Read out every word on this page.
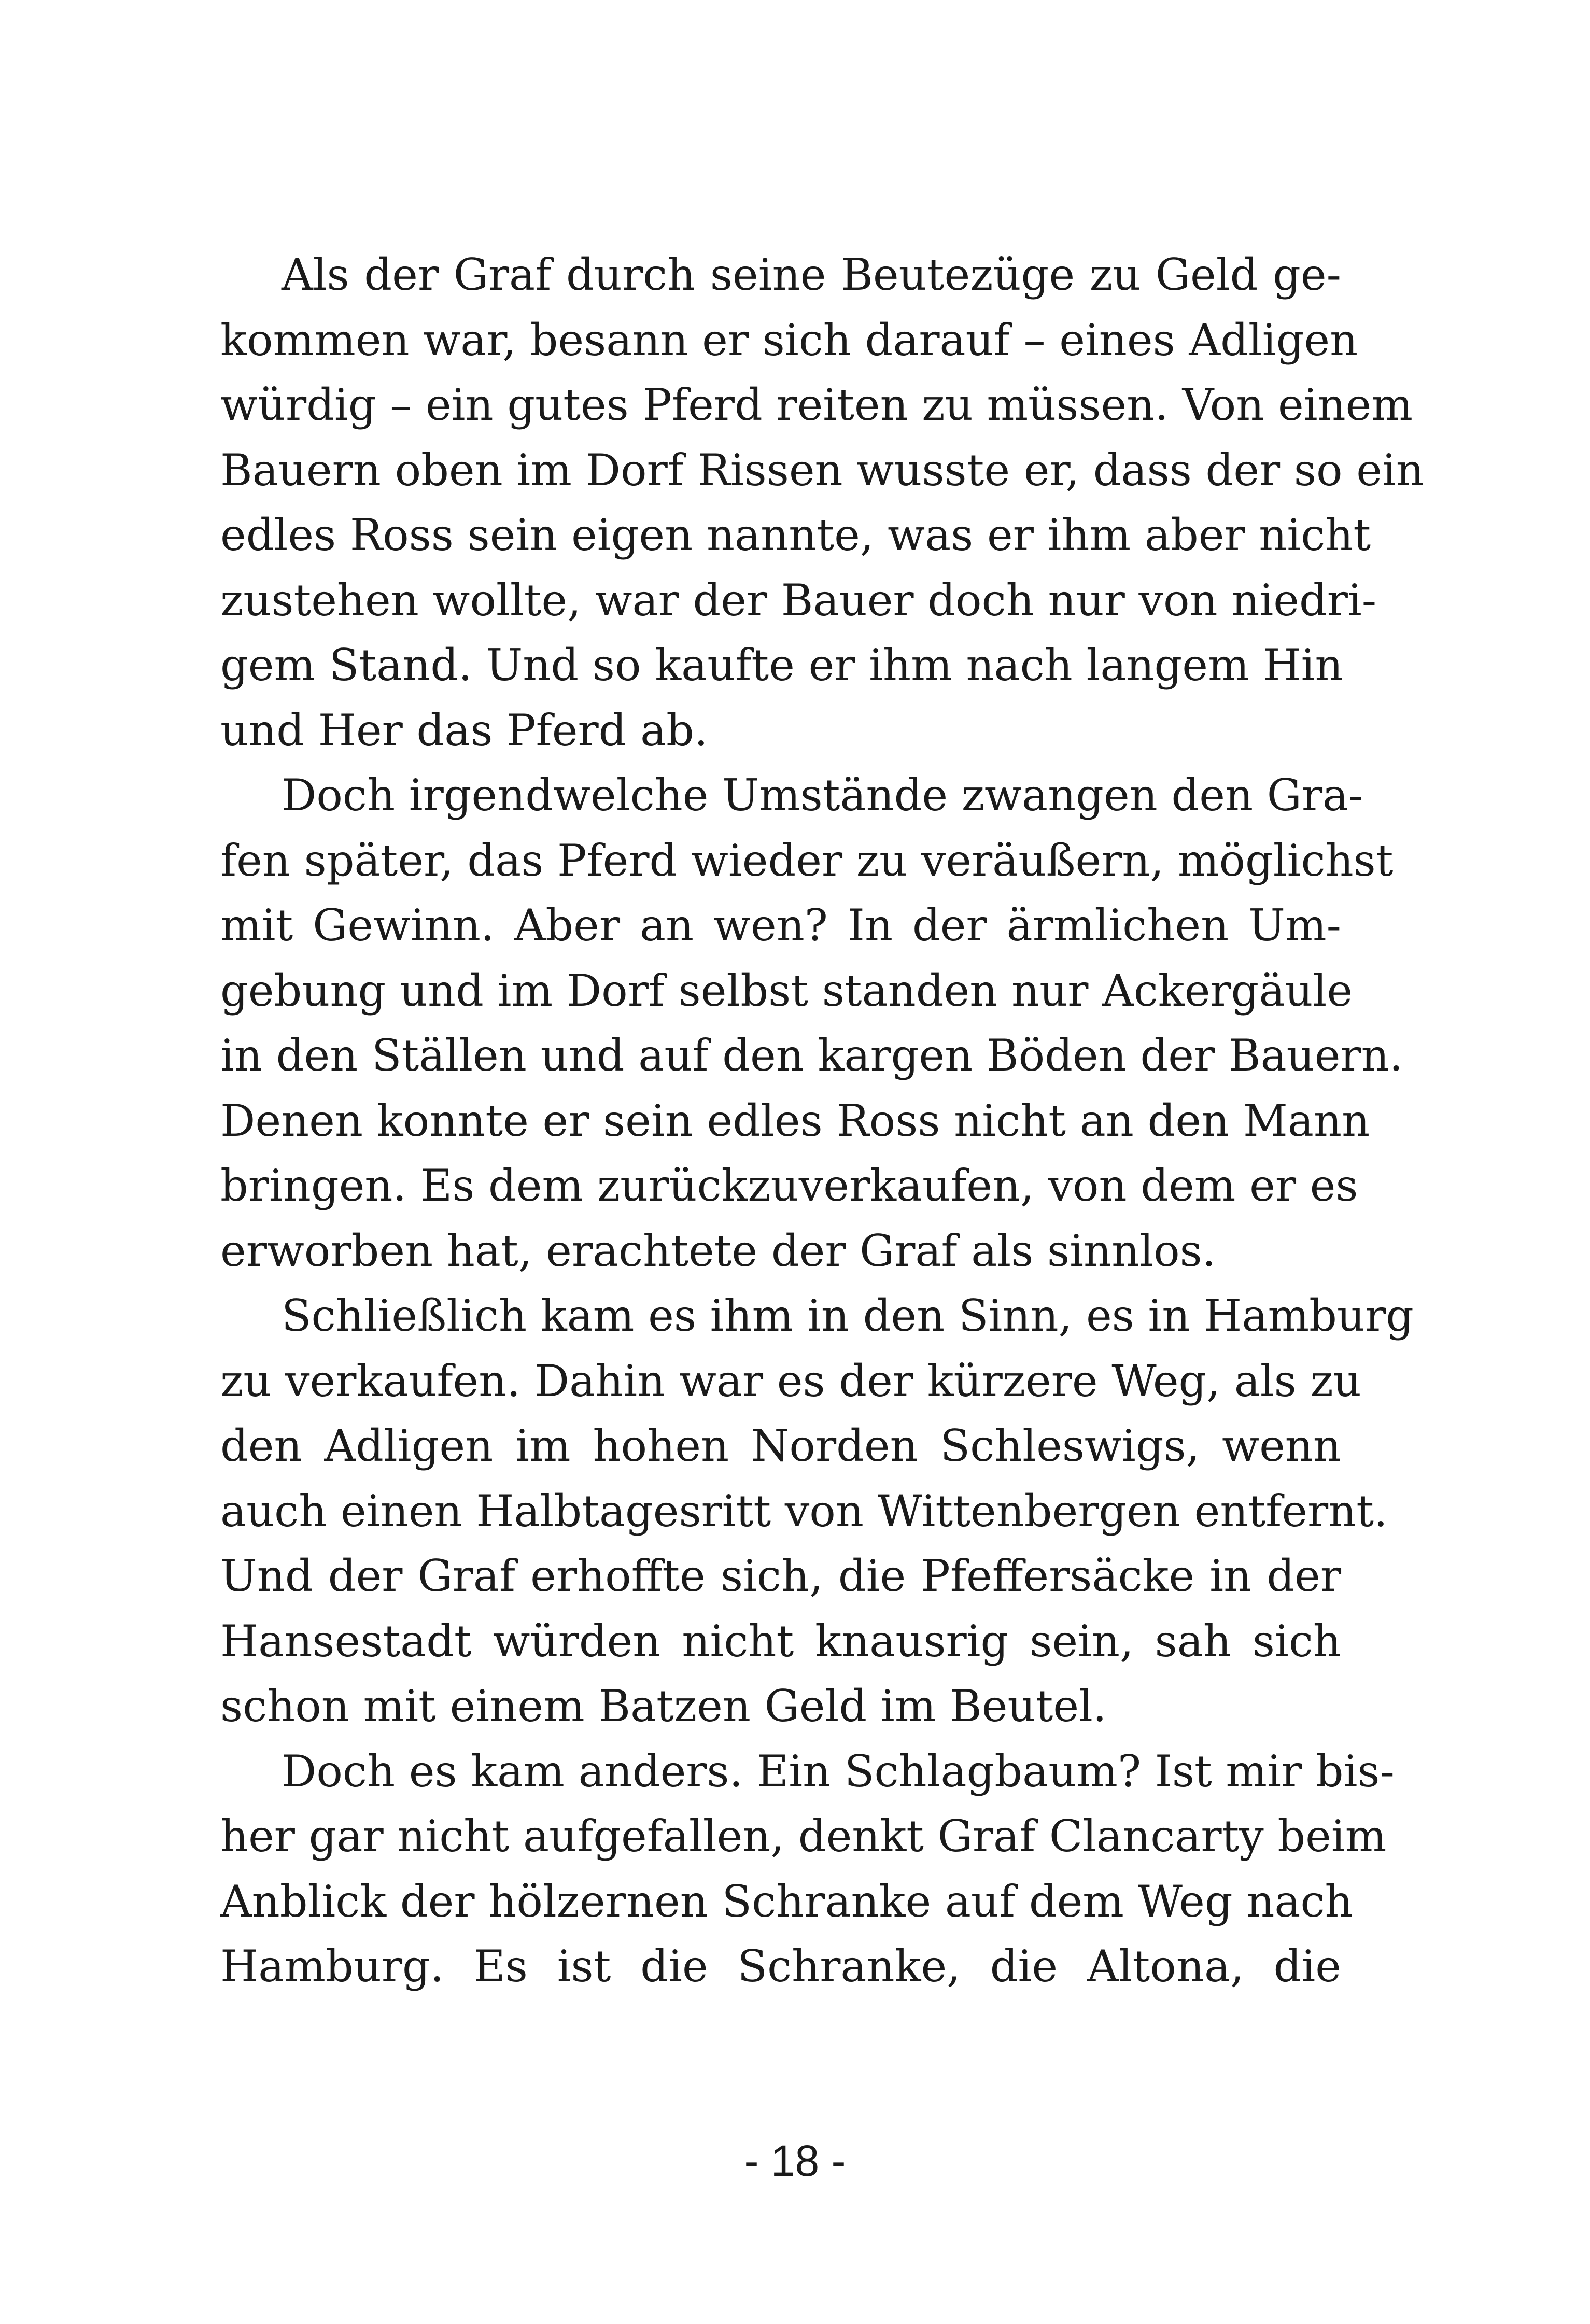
Als der Graf durch seine Beutezüge zu Geld ge-
kommen war, besann er sich darauf – eines Adligen
würdig – ein gutes Pferd reiten zu müssen. Von einem
Bauern oben im Dorf Rissen wusste er, dass der so ein
edles Ross sein eigen nannte, was er ihm aber nicht
zustehen wollte, war der Bauer doch nur von niedri-
gem Stand. Und so kaufte er ihm nach langem Hin
und Her das Pferd ab.
Doch irgendwelche Umstände zwangen den Gra-
fen später, das Pferd wieder zu veräußern, möglichst
mit Gewinn. Aber an wen? In der ärmlichen Um-
gebung und im Dorf selbst standen nur Ackergäule
in den Ställen und auf den kargen Böden der Bauern.
Denen konnte er sein edles Ross nicht an den Mann
bringen. Es dem zurückzuverkaufen, von dem er es
erworben hat, erachtete der Graf als sinnlos.
Schließlich kam es ihm in den Sinn, es in Hamburg
zu verkaufen. Dahin war es der kürzere Weg, als zu
den Adligen im hohen Norden Schleswigs, wenn
auch einen Halbtagesritt von Wittenbergen entfernt.
Und der Graf erhoffte sich, die Pfeffersäcke in der
Hansestadt würden nicht knausrig sein, sah sich
schon mit einem Batzen Geld im Beutel.
Doch es kam anders. Ein Schlagbaum? Ist mir bis-
her gar nicht aufgefallen, denkt Graf Clancarty beim
Anblick der hölzernen Schranke auf dem Weg nach
Hamburg. Es ist die Schranke, die Altona, die
- 18 -
